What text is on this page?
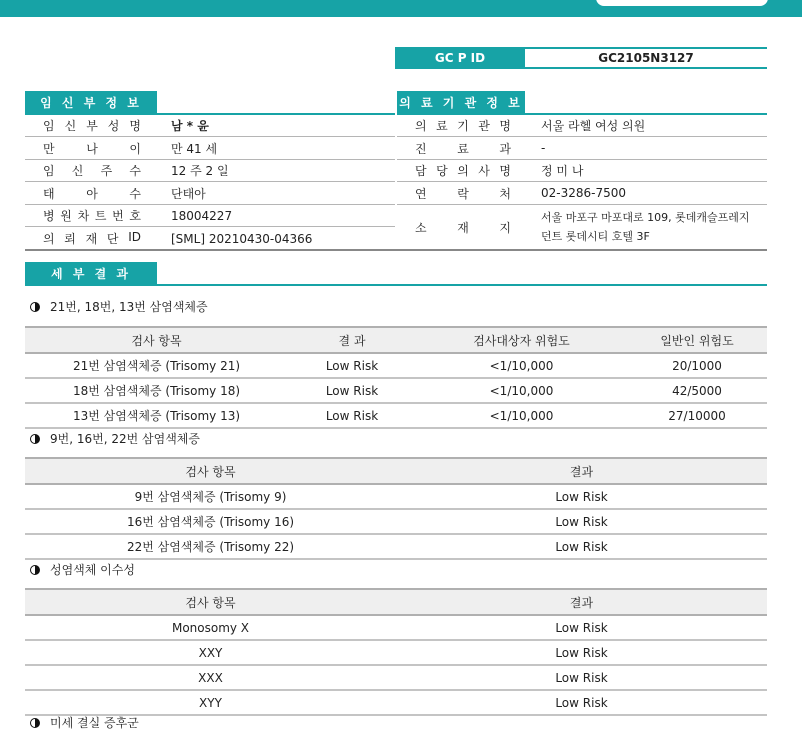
GC P ID	GC2105N3127
임 신 부 정 보	의 료 기 관 정 보
임 신 부 성 명	남 * 윤
만	나	이	만 41 세
임 신 주 수	12 주 2 일
태	아	수	단태아
병 원 차 트 번 호	18004227
의 뢰 재 단 ID	[SML] 20210430-04366
의 료 기 관 명	서울 라헬 여성 의원
진	료	과	-
담 당 의 사 명	정 미 나
연	락	처	02-3286-7500
소	재	지
서울 마포구 마포대로 109, 롯데캐슬프레지
던트 롯데시티 호텔 3F
세 부 결 과
21번, 18번, 13번 삼염색체증
검사 항목	결 과	검사대상자 위험도	일반인 위험도
21번 삼염색체증 (Trisomy 21)	Low Risk	<1/10,000	20/1000
18번 삼염색체증 (Trisomy 18)	Low Risk	<1/10,000	42/5000
13번 삼염색체증 (Trisomy 13)	Low Risk	<1/10,000	27/10000
9번, 16번, 22번 삼염색체증
검사 항목	결과
9번 삼염색체증 (Trisomy 9)	Low Risk
16번 삼염색체증 (Trisomy 16)	Low Risk
22번 삼염색체증 (Trisomy 22)	Low Risk
성염색체 이수성
검사 항목	결과
Monosomy X	Low Risk
XXY	Low Risk
XXX	Low Risk
XYY	Low Risk
미세 결실 증후군
